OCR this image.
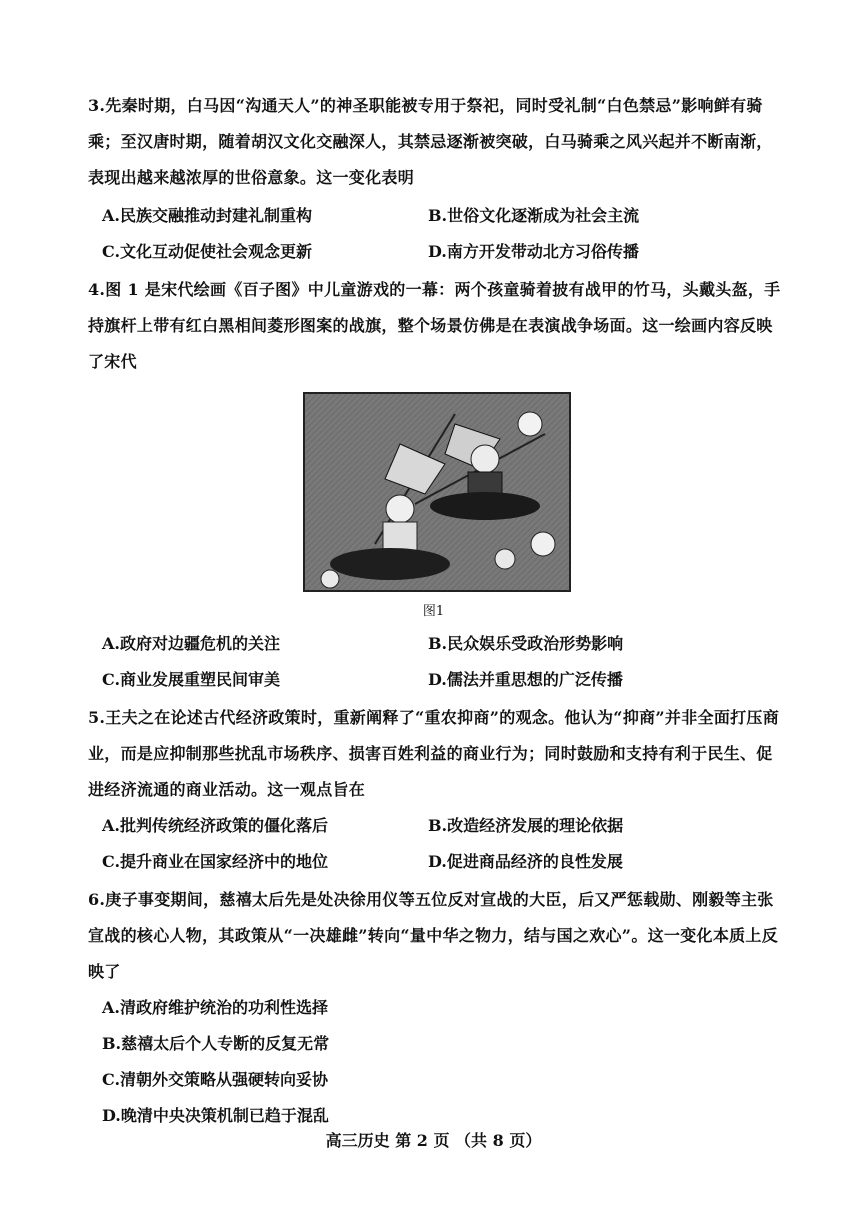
3.先秦时期，白马因“沟通天人”的神圣职能被专用于祭祀，同时受礼制“白色禁忌”影响鲜有骑乘；至汉唐时期，随着胡汉文化交融深人，其禁忌逐渐被突破，白马骑乘之风兴起并不断南渐，表现出越来越浓厚的世俗意象。这一变化表明
A.民族交融推动封建礼制重构	B.世俗文化逐渐成为社会主流
C.文化互动促使社会观念更新	D.南方开发带动北方习俗传播
4.图 1 是宋代绘画《百子图》中儿童游戏的一幕：两个孩童骑着披有战甲的竹马，头戴头盔，手持旗杆上带有红白黑相间菱形图案的战旗，整个场景仿佛是在表演战争场面。这一绘画内容反映了宋代
图1
A.政府对边疆危机的关注	B.民众娱乐受政治形势影响
C.商业发展重塑民间审美	D.儒法并重思想的广泛传播
5.王夫之在论述古代经济政策时，重新阐释了“重农抑商”的观念。他认为“抑商”并非全面打压商业，而是应抑制那些扰乱市场秩序、损害百姓利益的商业行为；同时鼓励和支持有利于民生、促进经济流通的商业活动。这一观点旨在
A.批判传统经济政策的僵化落后	B.改造经济发展的理论依据
C.提升商业在国家经济中的地位	D.促进商品经济的良性发展
6.庚子事变期间，慈禧太后先是处决徐用仪等五位反对宣战的大臣，后又严惩载勋、刚毅等主张宣战的核心人物，其政策从“一决雄雌”转向“量中华之物力，结与国之欢心”。这一变化本质上反映了
A.清政府维护统治的功利性选择
B.慈禧太后个人专断的反复无常
C.清朝外交策略从强硬转向妥协
D.晚清中央决策机制已趋于混乱
高三历史 第 2 页 （共 8 页）
